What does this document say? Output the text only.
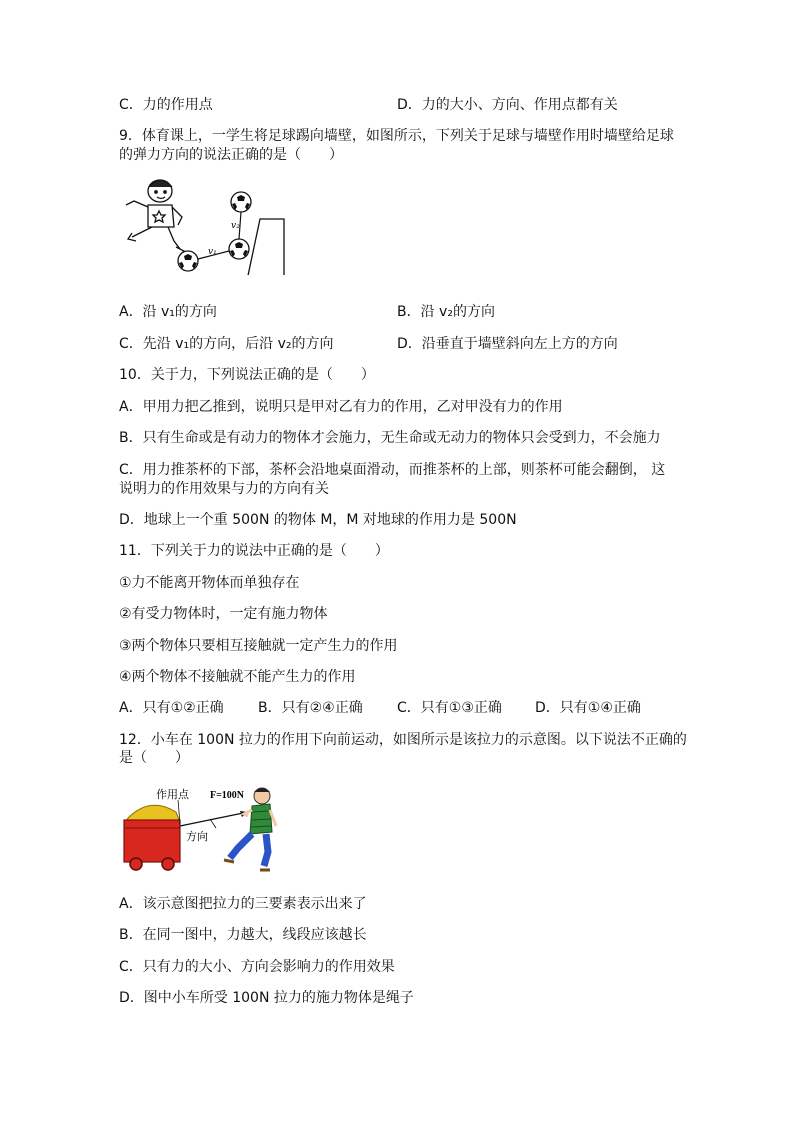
C．力的作用点	D．力的大小、方向、作用点都有关
9．体育课上，一学生将足球踢向墙壁，如图所示，下列关于足球与墙壁作用时墙壁给足球
的弹力方向的说法正确的是（　　）
v₁
v₂
A．沿 v₁的方向	B．沿 v₂的方向
C．先沿 v₁的方向，后沿 v₂的方向	D．沿垂直于墙壁斜向左上方的方向
10．关于力，下列说法正确的是（　　）
A．甲用力把乙推到，说明只是甲对乙有力的作用，乙对甲没有力的作用
B．只有生命或是有动力的物体才会施力，无生命或无动力的物体只会受到力，不会施力
C．用力推茶杯的下部，茶杯会沿地桌面滑动，而推茶杯的上部，则茶杯可能会翻倒， 这
说明力的作用效果与力的方向有关
D．地球上一个重 500N 的物体 M，M 对地球的作用力是 500N
11．下列关于力的说法中正确的是（　　）
①力不能离开物体而单独存在
②有受力物体时，一定有施力物体
③两个物体只要相互接触就一定产生力的作用
④两个物体不接触就不能产生力的作用
A．只有①②正确 B．只有②④正确 C．只有①③正确 D．只有①④正确
12．小车在 100N 拉力的作用下向前运动，如图所示是该拉力的示意图。以下说法不正确的
是（　　）
作用点 F=100N
方向
A．该示意图把拉力的三要素表示出来了
B．在同一图中，力越大，线段应该越长
C．只有力的大小、方向会影响力的作用效果
D．图中小车所受 100N 拉力的施力物体是绳子
